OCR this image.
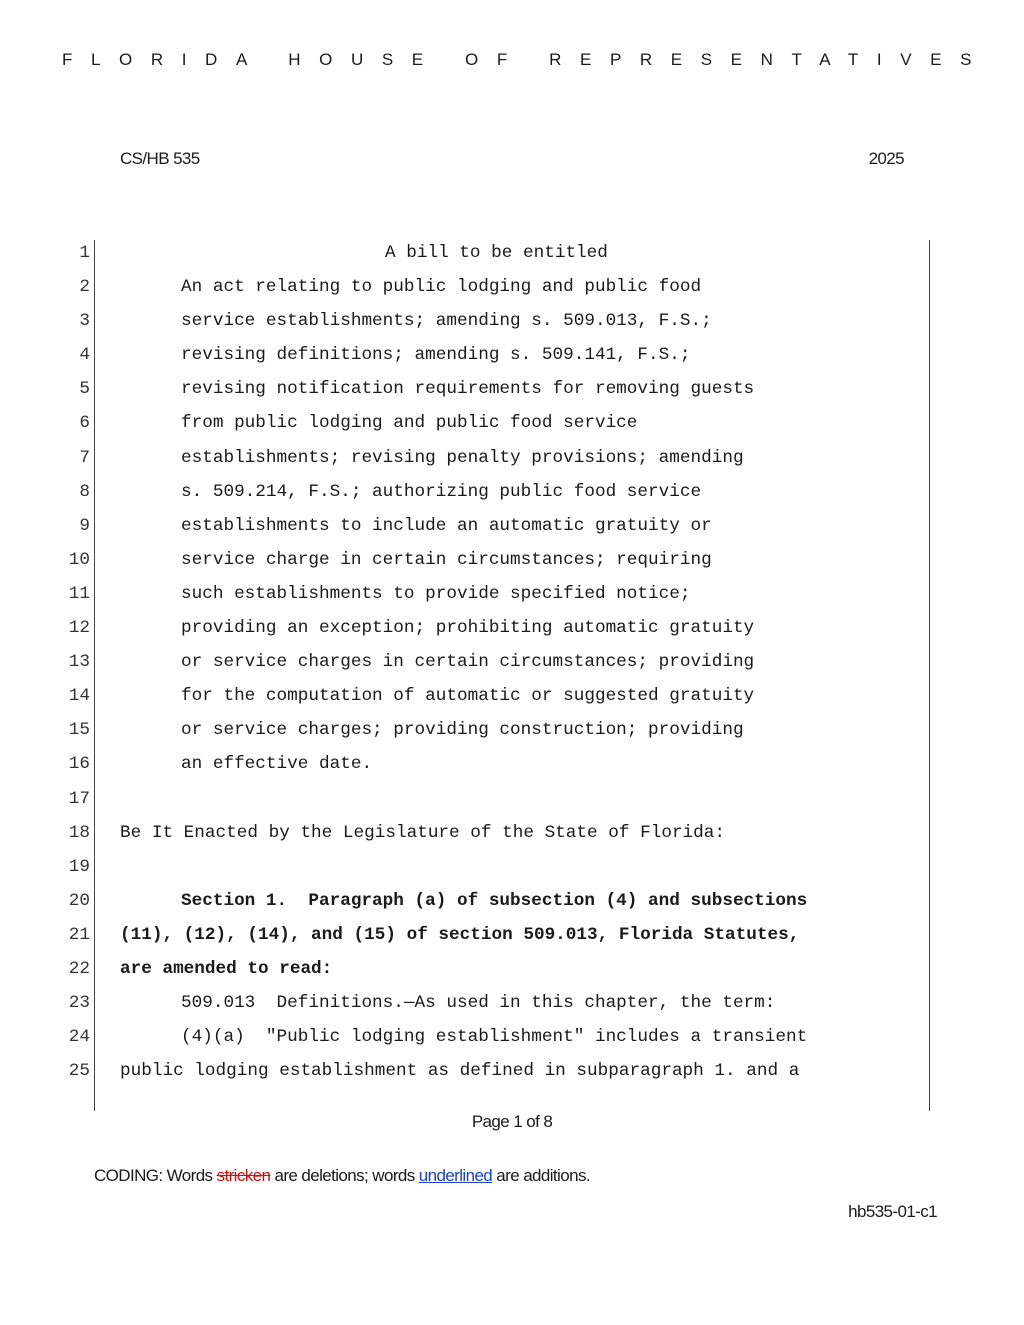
FLORIDA HOUSE OF REPRESENTATIVES
CS/HB 535	2025

1

	A bill to be entitled

2

	An act relating to public lodging and public food

3

	service establishments; amending s. 509.013, F.S.;

4

	revising definitions; amending s. 509.141, F.S.;

5

	revising notification requirements for removing guests

6

	from public lodging and public food service

7

	establishments; revising penalty provisions; amending

8

	s. 509.214, F.S.; authorizing public food service

9

	establishments to include an automatic gratuity or

10

	service charge in certain circumstances; requiring

11

	such establishments to provide specified notice;

12

	providing an exception; prohibiting automatic gratuity

13

	or service charges in certain circumstances; providing

14

	for the computation of automatic or suggested gratuity

15

	or service charges; providing construction; providing

16

	an effective date.

17

18

Be It Enacted by the Legislature of the State of Florida:

19

20

	Section 1.  Paragraph (a) of subsection (4) and subsections

21

(11), (12), (14), and (15) of section 509.013, Florida Statutes,

22

are amended to read:

23

	509.013  Definitions.—As used in this chapter, the term:

24

	(4)(a)  "Public lodging establishment" includes a transient

25

public lodging establishment as defined in subparagraph 1. and a

Page 1 of 8
CODING: Words stricken are deletions; words underlined are additions.
hb535-01-c1
